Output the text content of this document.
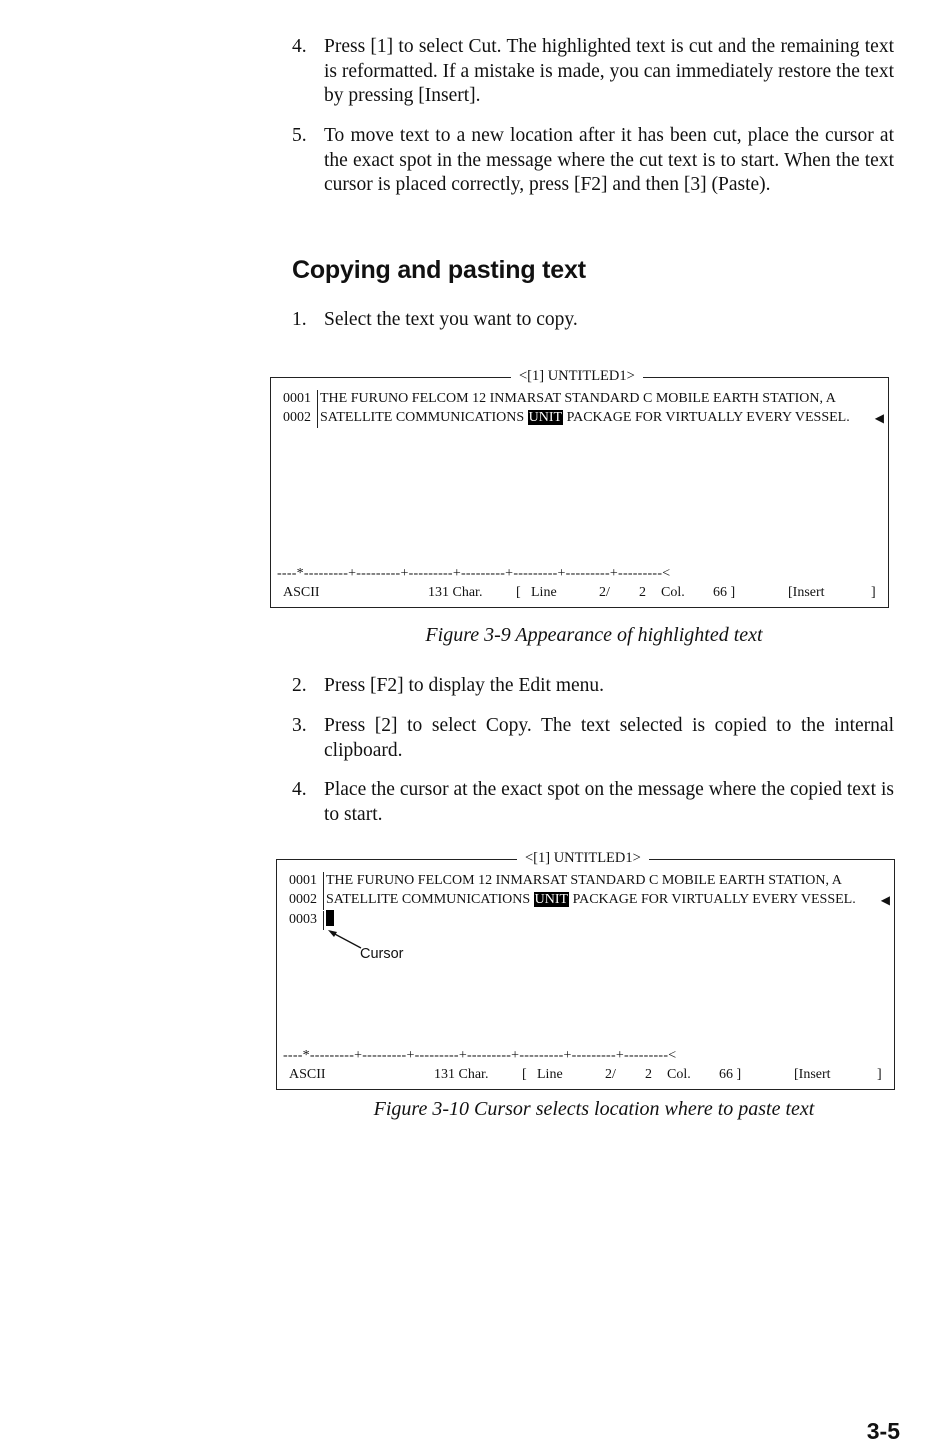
4. Press [1] to select Cut. The highlighted text is cut and the remaining text is reformatted. If a mistake is made, you can immediately restore the text by pressing [Insert].
5. To move text to a new location after it has been cut, place the cursor at the exact spot in the message where the cut text is to start. When the text cursor is placed correctly, press [F2] and then [3] (Paste).
Copying and pasting text
1. Select the text you want to copy.
<[1] UNTITLED1>
0001 THE FURUNO FELCOM 12 INMARSAT STANDARD C MOBILE EARTH STATION, A
0002 SATELLITE COMMUNICATIONS UNIT PACKAGE FOR VIRTUALLY EVERY VESSEL. ◀
----*---------+---------+---------+---------+---------+---------+---------<
ASCII	131 Char. [ Line	2/ 2 Col. 66 ]	[Insert	]
Figure 3-9 Appearance of highlighted text
2. Press [F2] to display the Edit menu.
3. Press [2] to select Copy. The text selected is copied to the internal clipboard.
4. Place the cursor at the exact spot on the message where the copied text is to start.
<[1] UNTITLED1>
0001 THE FURUNO FELCOM 12 INMARSAT STANDARD C MOBILE EARTH STATION, A
0002 SATELLITE COMMUNICATIONS UNIT PACKAGE FOR VIRTUALLY EVERY VESSEL. ◀
0003
Cursor
----*---------+---------+---------+---------+---------+---------+---------<
ASCII	131 Char. [ Line	2/ 2 Col. 66 ]	[Insert	]
Figure 3-10 Cursor selects location where to paste text
3-5
